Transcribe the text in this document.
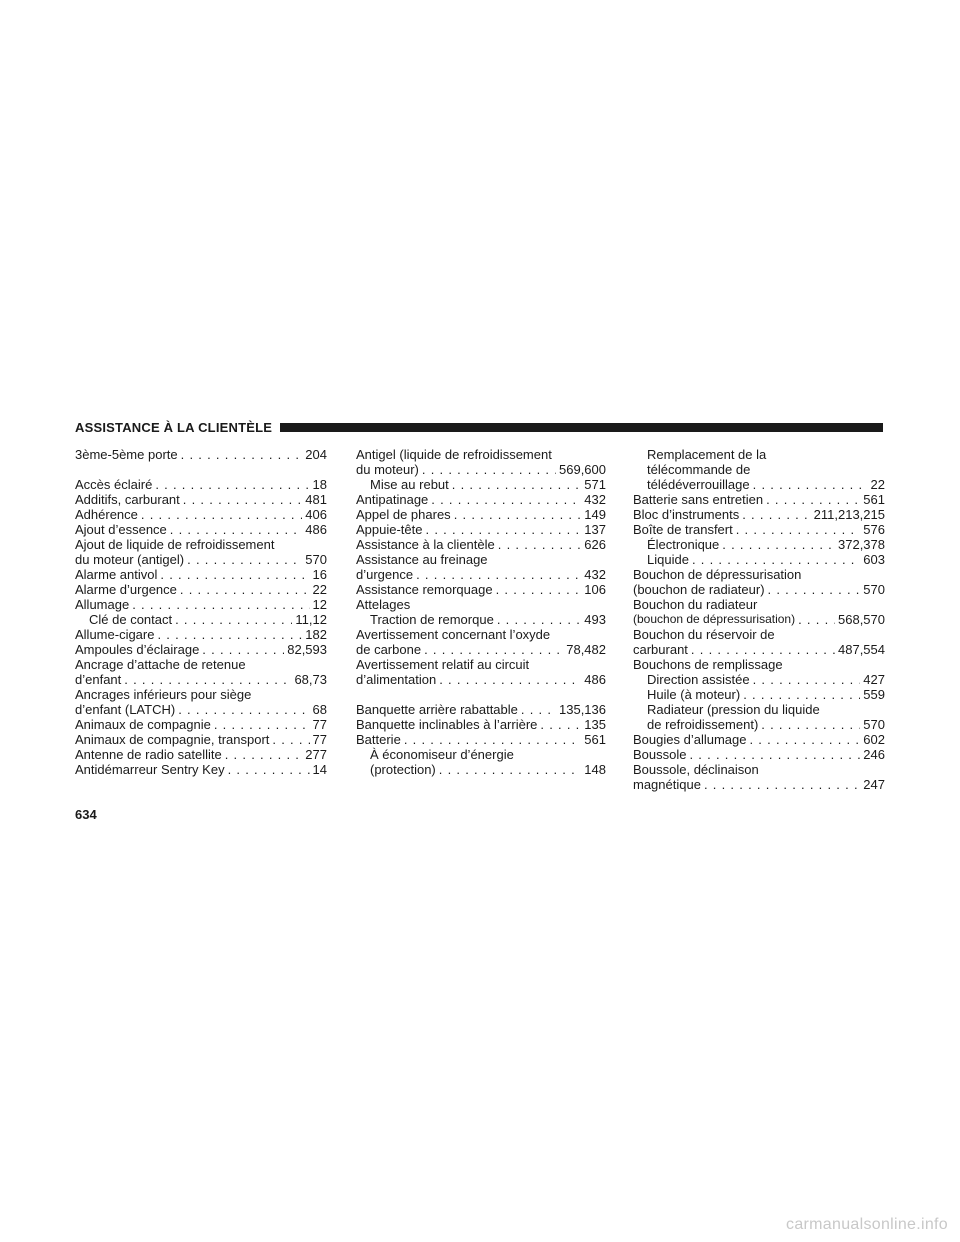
ASSISTANCE À LA CLIENTÈLE
3ème-5ème porte . . .	204
Accès éclairé . . .	18
Additifs, carburant . . .	481
Adhérence . . .	406
Ajout d’essence . . .	486
Ajout de liquide de refroidissement
du moteur (antigel) . . .	570
Alarme antivol . . .	16
Alarme d’urgence . . .	22
Allumage . . .	12
Clé de contact . . .	11,12
Allume-cigare . . .	182
Ampoules d’éclairage . . .	82,593
Ancrage d’attache de retenue
d’enfant . . .	68,73
Ancrages inférieurs pour siège
d’enfant (LATCH) . . .	68
Animaux de compagnie . . .	77
Animaux de compagnie, transport . . .	77
Antenne de radio satellite . . .	277
Antidémarreur Sentry Key . . .	14
Antigel (liquide de refroidissement
du moteur) . . .	569,600
Mise au rebut . . .	571
Antipatinage . . .	432
Appel de phares . . .	149
Appuie-tête . . .	137
Assistance à la clientèle . . .	626
Assistance au freinage
d’urgence . . .	432
Assistance remorquage . . .	106
Attelages
Traction de remorque . . .	493
Avertissement concernant l’oxyde
de carbone . . .	78,482
Avertissement relatif au circuit
d’alimentation . . .	486
Banquette arrière rabattable . . .	135,136
Banquette inclinables à l’arrière . . .	135
Batterie . . .	561
À économiseur d’énergie
(protection) . . .	148
Remplacement de la
télécommande de
télédéverrouillage . . .	22
Batterie sans entretien . . .	561
Bloc d’instruments . . .	211,213,215
Boîte de transfert . . .	576
Électronique . . .	372,378
Liquide . . .	603
Bouchon de dépressurisation
(bouchon de radiateur) . . .	570
Bouchon du radiateur
(bouchon de dépressurisation) . . .	568,570
Bouchon du réservoir de
carburant . . .	487,554
Bouchons de remplissage
Direction assistée . . .	427
Huile (à moteur) . . .	559
Radiateur (pression du liquide
de refroidissement) . . .	570
Bougies d’allumage . . .	602
Boussole . . .	246
Boussole, déclinaison
magnétique . . .	247
634
carmanualsonline.info
